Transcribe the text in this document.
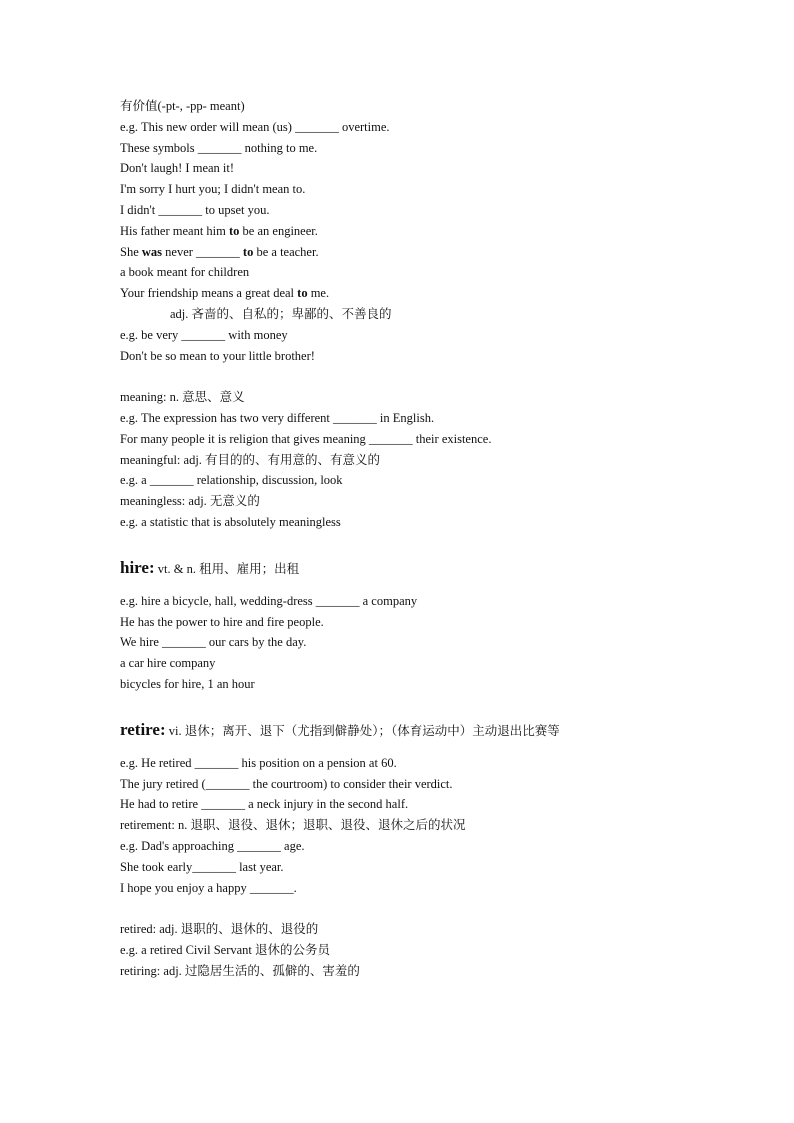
有价值(-pt-, -pp- meant)

e.g. This new order will mean (us) _______ overtime.

These symbols _______ nothing to me.

Don't laugh! I mean it!

I'm sorry I hurt you; I didn't mean to.

I didn't _______ to upset you.

His father meant him to be an engineer.

She was never _______ to be a teacher.

a book meant for children

Your friendship means a great deal to me.

adj. 吝啬的、自私的；卑鄙的、不善良的

e.g. be very _______ with money

Don't be so mean to your little brother!

meaning: n. 意思、意义

e.g. The expression has two very different _______ in English.

For many people it is religion that gives meaning _______ their existence.

meaningful: adj. 有目的的、有用意的、有意义的

e.g. a _______ relationship, discussion, look

meaningless: adj. 无意义的

e.g. a statistic that is absolutely meaningless

hire: vt. & n. 租用、雇用；出租

e.g. hire a bicycle, hall, wedding-dress _______ a company

He has the power to hire and fire people.

We hire _______ our cars by the day.

a car hire company

bicycles for hire, 1 an hour

retire: vi. 退休；离开、退下（尤指到僻静处）；（体育运动中）主动退出比赛等

e.g. He retired _______ his position on a pension at 60.

The jury retired (_______ the courtroom) to consider their verdict.

He had to retire _______ a neck injury in the second half.

retirement: n. 退职、退役、退休；退职、退役、退休之后的状况

e.g. Dad's approaching _______ age.

She took early_______ last year.

I hope you enjoy a happy _______.

retired: adj. 退职的、退休的、退役的

e.g. a retired Civil Servant 退休的公务员

retiring: adj. 过隐居生活的、孤僻的、害羞的
